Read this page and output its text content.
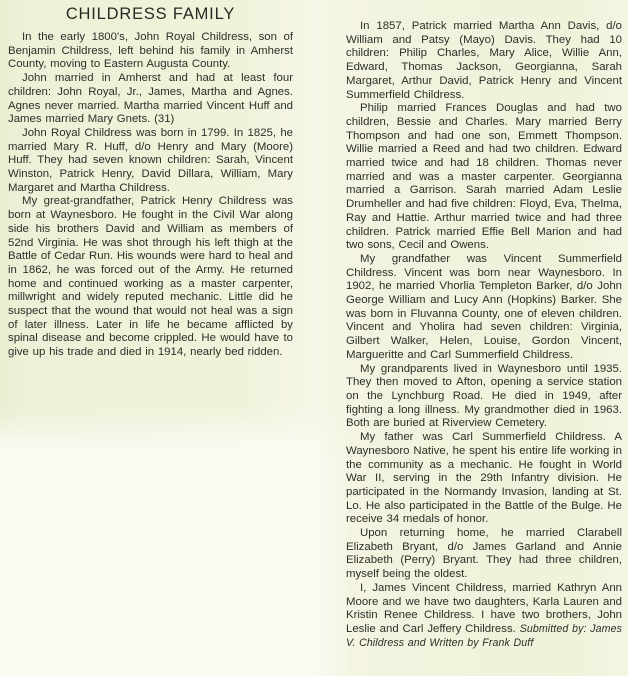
CHILDRESS FAMILY

In the early 1800's, John Royal Childress, son of Benjamin Childress, left behind his family in Amherst County, moving to Eastern Augusta County.

John married in Amherst and had at least four children: John Royal, Jr., James, Martha and Agnes. Agnes never married. Martha married Vincent Huff and James married Mary Gnets. (31)

John Royal Childress was born in 1799. In 1825, he married Mary R. Huff, d/o Henry and Mary (Moore) Huff. They had seven known children: Sarah, Vincent Winston, Patrick Henry, David Dillara, William, Mary Margaret and Martha Childress.

My great-grandfather, Patrick Henry Childress was born at Waynesboro. He fought in the Civil War along side his brothers David and William as members of 52nd Virginia. He was shot through his left thigh at the Battle of Cedar Run. His wounds were hard to heal and in 1862, he was forced out of the Army. He returned home and continued working as a master carpenter, millwright and widely reputed mechanic. Little did he suspect that the wound that would not heal was a sign of later illness. Later in life he became afflicted by spinal disease and become crippled. He would have to give up his trade and died in 1914, nearly bed ridden.

In 1857, Patrick married Martha Ann Davis, d/o William and Patsy (Mayo) Davis. They had 10 children: Philip Charles, Mary Alice, Willie Ann, Edward, Thomas Jackson, Georgianna, Sarah Margaret, Arthur David, Patrick Henry and Vincent Summerfield Childress.

Philip married Frances Douglas and had two children, Bessie and Charles. Mary married Berry Thompson and had one son, Emmett Thompson. Willie married a Reed and had two children. Edward married twice and had 18 children. Thomas never married and was a master carpenter. Georgianna married a Garrison. Sarah married Adam Leslie Drumheller and had five children: Floyd, Eva, Thelma, Ray and Hattie. Arthur married twice and had three children. Patrick married Effie Bell Marion and had two sons, Cecil and Owens.

My grandfather was Vincent Summerfield Childress. Vincent was born near Waynesboro. In 1902, he married Vhorlia Templeton Barker, d/o John George William and Lucy Ann (Hopkins) Barker. She was born in Fluvanna County, one of eleven children. Vincent and Yholira had seven children: Virginia, Gilbert Walker, Helen, Louise, Gordon Vincent, Margueritte and Carl Summerfield Childress.

My grandparents lived in Waynesboro until 1935. They then moved to Afton, opening a service station on the Lynchburg Road. He died in 1949, after fighting a long illness. My grandmother died in 1963. Both are buried at Riverview Cemetery.

My father was Carl Summerfield Childress. A Waynesboro Native, he spent his entire life working in the community as a mechanic. He fought in World War II, serving in the 29th Infantry division. He participated in the Normandy Invasion, landing at St. Lo. He also participated in the Battle of the Bulge. He receive 34 medals of honor.

Upon returning home, he married Clarabell Elizabeth Bryant, d/o James Garland and Annie Elizabeth (Perry) Bryant. They had three children, myself being the oldest.

I, James Vincent Childress, married Kathryn Ann Moore and we have two daughters, Karla Lauren and Kristin Renee Childress. I have two brothers, John Leslie and Carl Jeffery Childress. Submitted by: James V. Childress and Written by Frank Duff
